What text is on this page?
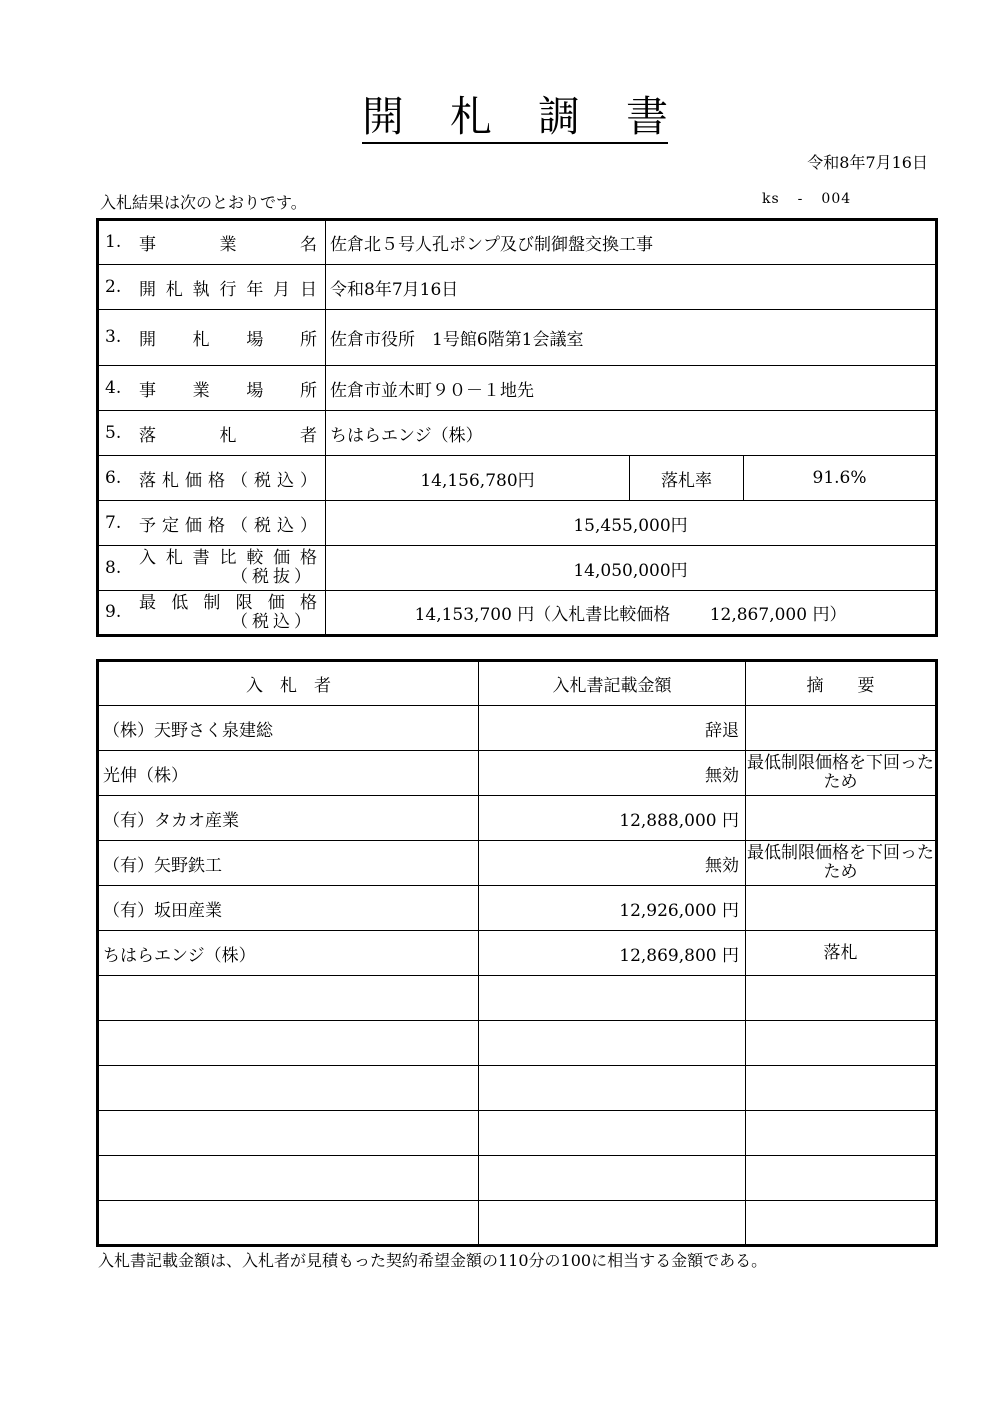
開札調書
令和8年7月16日
入札結果は次のとおりです。	ks - 004
1. 事業名	佐倉北５号人孔ポンプ及び制御盤交換工事		
2. 開札執行年月日	令和8年7月16日		
3. 開札場所	佐倉市役所　1号館6階第1会議室		
4. 事業場所	佐倉市並木町９０－１地先		
5. 落札者	ちはらエンジ（株）		
6. 落札価格（税込）	14,156,780円	落札率	91.6%
7. 予定価格（税込）	15,455,000円		
8. 入札書比較価格
（税抜）	14,050,000円		
9. 最低制限価格
（税込）	14,153,700 円（入札書比較価格　　 12,867,000 円）		
入　札　者	入札書記載金額	摘　　要
（株）天野さく泉建総	辞退	
光伸（株）	無効	最低制限価格を下回ったため
（有）タカオ産業	12,888,000 円	
（有）矢野鉄工	無効	最低制限価格を下回ったため
（有）坂田産業	12,926,000 円	
ちはらエンジ（株）	12,869,800 円	落札

入札書記載金額は、入札者が見積もった契約希望金額の110分の100に相当する金額である。
